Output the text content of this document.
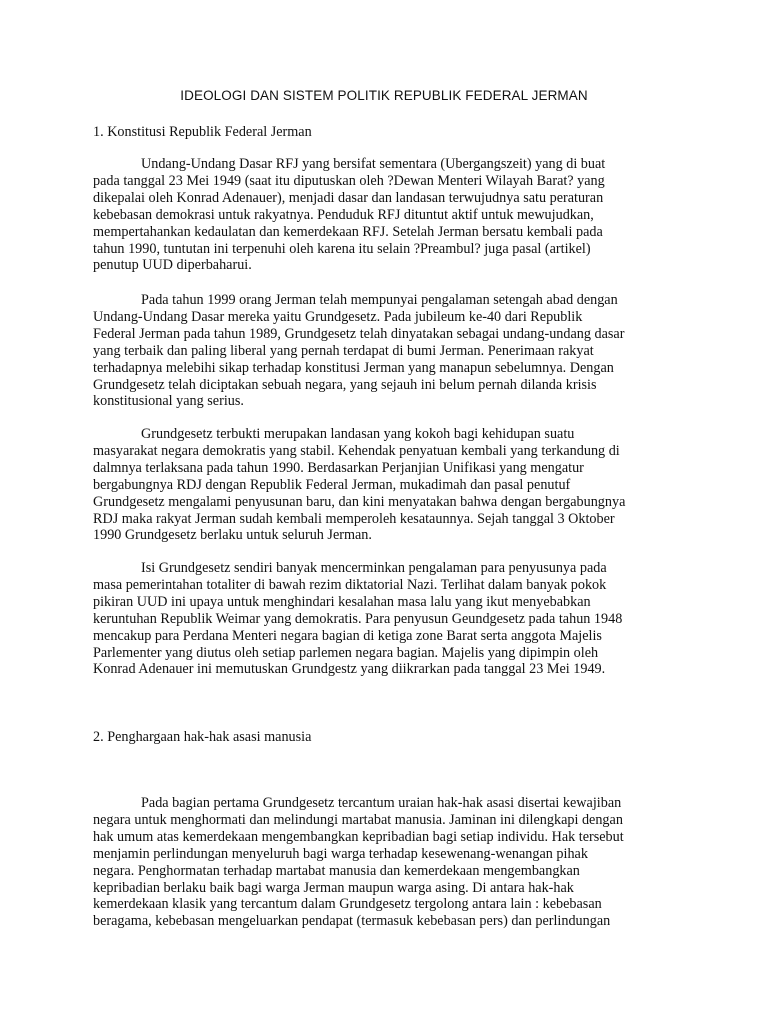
IDEOLOGI DAN SISTEM POLITIK REPUBLIK FEDERAL JERMAN
1. Konstitusi Republik Federal Jerman
Undang-Undang Dasar RFJ yang bersifat sementara (Ubergangszeit) yang di buat
pada tanggal 23 Mei 1949 (saat itu diputuskan oleh ?Dewan Menteri Wilayah Barat? yang
dikepalai oleh Konrad Adenauer), menjadi dasar dan landasan terwujudnya satu peraturan
kebebasan demokrasi untuk rakyatnya. Penduduk RFJ dituntut aktif untuk mewujudkan,
mempertahankan kedaulatan dan kemerdekaan RFJ. Setelah Jerman bersatu kembali pada
tahun 1990, tuntutan ini terpenuhi oleh karena itu selain ?Preambul? juga pasal (artikel)
penutup UUD diperbaharui.
Pada tahun 1999 orang Jerman telah mempunyai pengalaman setengah abad dengan
Undang-Undang Dasar mereka yaitu Grundgesetz. Pada jubileum ke-40 dari Republik
Federal Jerman pada tahun 1989, Grundgesetz telah dinyatakan sebagai undang-undang dasar
yang terbaik dan paling liberal yang pernah terdapat di bumi Jerman. Penerimaan rakyat
terhadapnya melebihi sikap terhadap konstitusi Jerman yang manapun sebelumnya. Dengan
Grundgesetz telah diciptakan sebuah negara, yang sejauh ini belum pernah dilanda krisis
konstitusional yang serius.
Grundgesetz terbukti merupakan landasan yang kokoh bagi kehidupan suatu
masyarakat negara demokratis yang stabil. Kehendak penyatuan kembali yang terkandung di
dalmnya terlaksana pada tahun 1990. Berdasarkan Perjanjian Unifikasi yang mengatur
bergabungnya RDJ dengan Republik Federal Jerman, mukadimah dan pasal penutuf
Grundgesetz mengalami penyusunan baru, dan kini menyatakan bahwa dengan bergabungnya
RDJ maka rakyat Jerman sudah kembali memperoleh kesataunnya. Sejah tanggal 3 Oktober
1990 Grundgesetz berlaku untuk seluruh Jerman.
Isi Grundgesetz sendiri banyak mencerminkan pengalaman para penyusunya pada
masa pemerintahan totaliter di bawah rezim diktatorial Nazi. Terlihat dalam banyak pokok
pikiran UUD ini upaya untuk menghindari kesalahan masa lalu yang ikut menyebabkan
keruntuhan Republik Weimar yang demokratis. Para penyusun Geundgesetz pada tahun 1948
mencakup para Perdana Menteri negara bagian di ketiga zone Barat serta anggota Majelis
Parlementer yang diutus oleh setiap parlemen negara bagian. Majelis yang dipimpin oleh
Konrad Adenauer ini memutuskan Grundgestz yang diikrarkan pada tanggal 23 Mei 1949.
2. Penghargaan hak-hak asasi manusia
Pada bagian pertama Grundgesetz tercantum uraian hak-hak asasi disertai kewajiban
negara untuk menghormati dan melindungi martabat manusia. Jaminan ini dilengkapi dengan
hak umum atas kemerdekaan mengembangkan kepribadian bagi setiap individu. Hak tersebut
menjamin perlindungan menyeluruh bagi warga terhadap kesewenang-wenangan pihak
negara. Penghormatan terhadap martabat manusia dan kemerdekaan mengembangkan
kepribadian berlaku baik bagi warga Jerman maupun warga asing. Di antara hak-hak
kemerdekaan klasik yang tercantum dalam Grundgesetz tergolong antara lain : kebebasan
beragama, kebebasan mengeluarkan pendapat (termasuk kebebasan pers) dan perlindungan
